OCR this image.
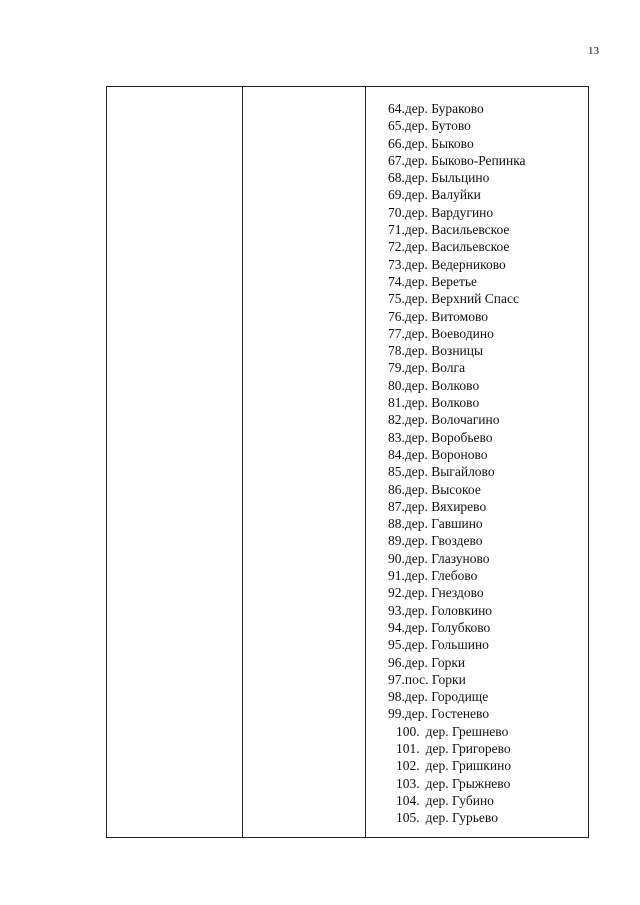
13
64.дер. Бураково
65.дер. Бутово
66.дер. Быково
67.дер. Быково-Репинка
68.дер. Быльцино
69.дер. Валуйки
70.дер. Вардугино
71.дер. Васильевское
72.дер. Васильевское
73.дер. Ведерниково
74.дер. Веретье
75.дер. Верхний Спасс
76.дер. Витомово
77.дер. Воеводино
78.дер. Возницы
79.дер. Волга
80.дер. Волково
81.дер. Волково
82.дер. Волочагино
83.дер. Воробьево
84.дер. Вороново
85.дер. Выгайлово
86.дер. Высокое
87.дер. Вяхирево
88.дер. Гавшино
89.дер. Гвоздево
90.дер. Глазуново
91.дер. Глебово
92.дер. Гнездово
93.дер. Головкино
94.дер. Голубково
95.дер. Гольшино
96.дер. Горки
97.пос. Горки
98.дер. Городище
99.дер. Гостенево
100. дер. Грешнево
101. дер. Григорево
102. дер. Гришкино
103. дер. Грыжнево
104. дер. Губино
105. дер. Гурьево
